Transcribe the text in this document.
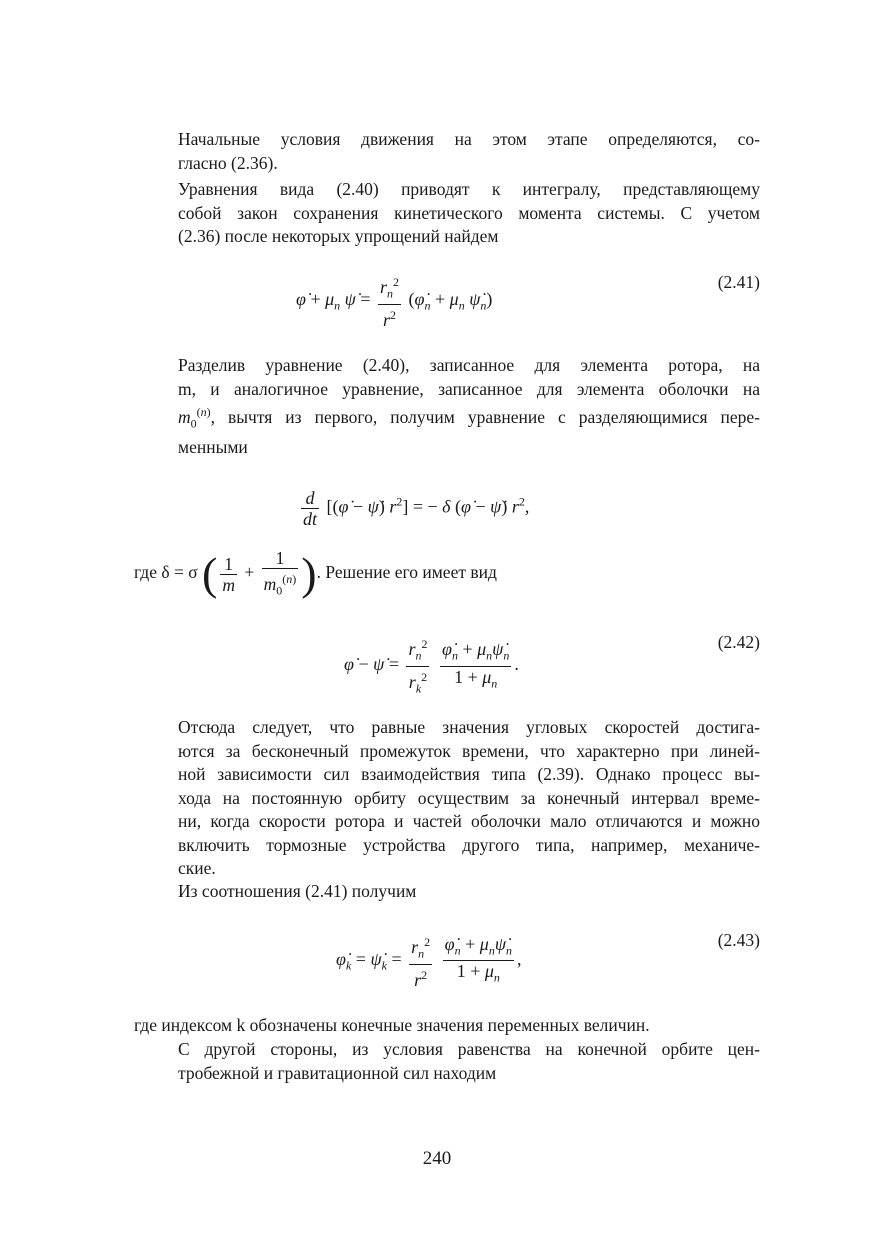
Начальные условия движения на этом этапе определяются, со-
гласно (2.36).

Уравнения вида (2.40) приводят к интегралу, представляющему
собой закон сохранения кинетического момента системы. С учетом
(2.36) после некоторых упрощений найдем

φ̇ + $\mu_n$ ψ̇ = $\frac{r_n^2}{r^2}$ ($\varphi̇_n + \mu_n$ $\psi̇_n$)
(2.41)

Разделив уравнение (2.40), записанное для элемента ротора, на
m, и аналогичное уравнение, записанное для элемента оболочки на
$m_0^{(n)}$, вычтя из первого, получим уравнение с разделяющимися пере-
менными

$\frac{d}{dt}$ [(φ̇ − ψ̇) $r^2$] = − δ (φ̇ − ψ̇) $r^2$,
где δ = σ ( $\frac{1}{m} + \frac{1}{m_0^{(n)}}$ ). Решение его имеет вид
φ̇ − ψ̇ = $\frac{r_n^2}{r_k^2}$
$\frac{\varphi̇_n + \mu_n\psi̇_n}{1 + \mu_n}$ .
(2.42)

Отсюда следует, что равные значения угловых скоростей достига-
ются за бесконечный промежуток времени, что характерно при линей-
ной зависимости сил взаимодействия типа (2.39). Однако процесс вы-
хода на постоянную орбиту осуществим за конечный интервал време-
ни, когда скорости ротора и частей оболочки мало отличаются и можно
включить тормозные устройства другого типа, например, механиче-
ские.

Из соотношения (2.41) получим

$\varphi̇_k$ = $\psi̇_k = \frac{r_n^2}{r^2}$
$\frac{\varphi̇_n + \mu_n\psi̇_n}{1 + \mu_n}$ ,
(2.43)

где индексом k обозначены конечные значения переменных величин.

С другой стороны, из условия равенства на конечной орбите цен-
тробежной и гравитационной сил находим

240
